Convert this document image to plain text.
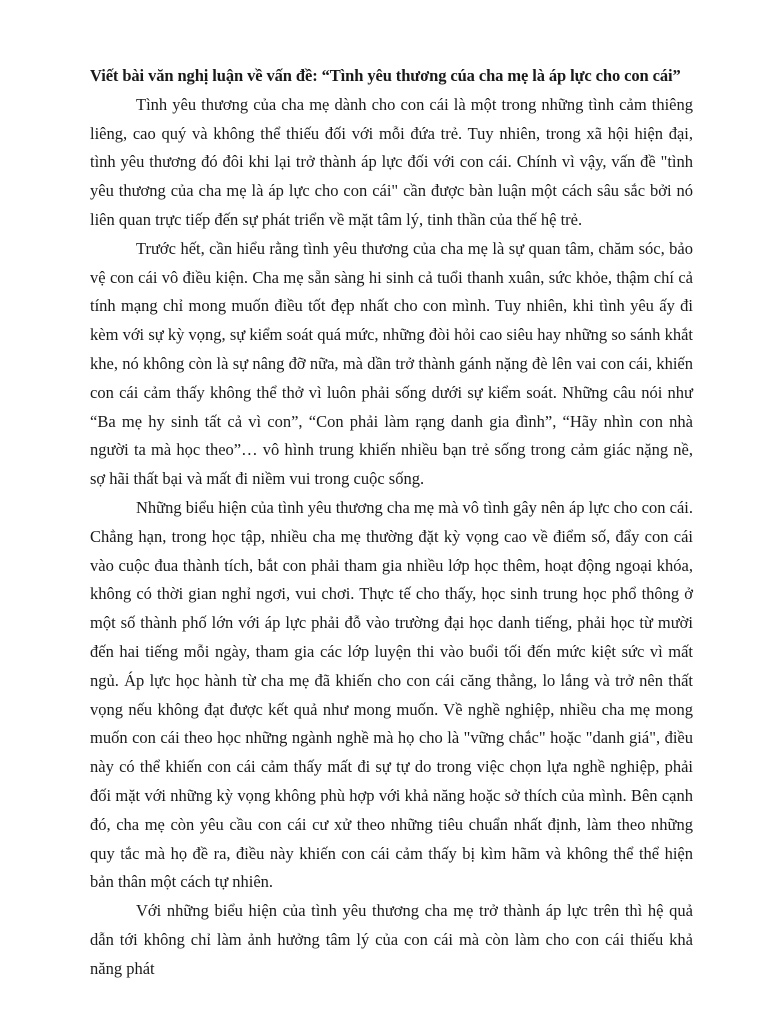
Viết bài văn nghị luận về vấn đề: “Tình yêu thương cúa cha mẹ là áp lực cho con cái”

Tình yêu thương của cha mẹ dành cho con cái là một trong những tình cảm thiêng liêng, cao quý và không thể thiếu đối với mỗi đứa trẻ. Tuy nhiên, trong xã hội hiện đại, tình yêu thương đó đôi khi lại trở thành áp lực đối với con cái. Chính vì vậy, vấn đề "tình yêu thương của cha mẹ là áp lực cho con cái" cần được bàn luận một cách sâu sắc bởi nó liên quan trực tiếp đến sự phát triển về mặt tâm lý, tinh thần của thế hệ trẻ.

Trước hết, cần hiểu rằng tình yêu thương của cha mẹ là sự quan tâm, chăm sóc, bảo vệ con cái vô điều kiện. Cha mẹ sẵn sàng hi sinh cả tuổi thanh xuân, sức khỏe, thậm chí cả tính mạng chỉ mong muốn điều tốt đẹp nhất cho con mình. Tuy nhiên, khi tình yêu ấy đi kèm với sự kỳ vọng, sự kiểm soát quá mức, những đòi hỏi cao siêu hay những so sánh khắt khe, nó không còn là sự nâng đỡ nữa, mà dần trở thành gánh nặng đè lên vai con cái, khiến con cái cảm thấy không thể thở vì luôn phải sống dưới sự kiểm soát. Những câu nói như “Ba mẹ hy sinh tất cả vì con”, “Con phải làm rạng danh gia đình”, “Hãy nhìn con nhà người ta mà học theo”… vô hình trung khiến nhiều bạn trẻ sống trong cảm giác nặng nề, sợ hãi thất bại và mất đi niềm vui trong cuộc sống.

Những biểu hiện của tình yêu thương cha mẹ mà vô tình gây nên áp lực cho con cái. Chẳng hạn, trong học tập, nhiều cha mẹ thường đặt kỳ vọng cao về điểm số, đẩy con cái vào cuộc đua thành tích, bắt con phải tham gia nhiều lớp học thêm, hoạt động ngoại khóa, không có thời gian nghỉ ngơi, vui chơi. Thực tế cho thấy, học sinh trung học phổ thông ở một số thành phố lớn với áp lực phải đỗ vào trường đại học danh tiếng, phải học từ mười đến hai tiếng mỗi ngày, tham gia các lớp luyện thi vào buổi tối đến mức kiệt sức vì mất ngủ. Áp lực học hành từ cha mẹ đã khiến cho con cái căng thẳng, lo lắng và trở nên thất vọng nếu không đạt được kết quả như mong muốn. Về nghề nghiệp, nhiều cha mẹ mong muốn con cái theo học những ngành nghề mà họ cho là "vững chắc" hoặc "danh giá", điều này có thể khiến con cái cảm thấy mất đi sự tự do trong việc chọn lựa nghề nghiệp, phải đối mặt với những kỳ vọng không phù hợp với khả năng hoặc sở thích của mình. Bên cạnh đó, cha mẹ còn yêu cầu con cái cư xử theo những tiêu chuẩn nhất định, làm theo những quy tắc mà họ đề ra, điều này khiến con cái cảm thấy bị kìm hãm và không thể thể hiện bản thân một cách tự nhiên.

Với những biểu hiện của tình yêu thương cha mẹ trở thành áp lực trên thì hệ quả dẫn tới không chỉ làm ảnh hưởng tâm lý của con cái mà còn làm cho con cái thiếu khả năng phát
